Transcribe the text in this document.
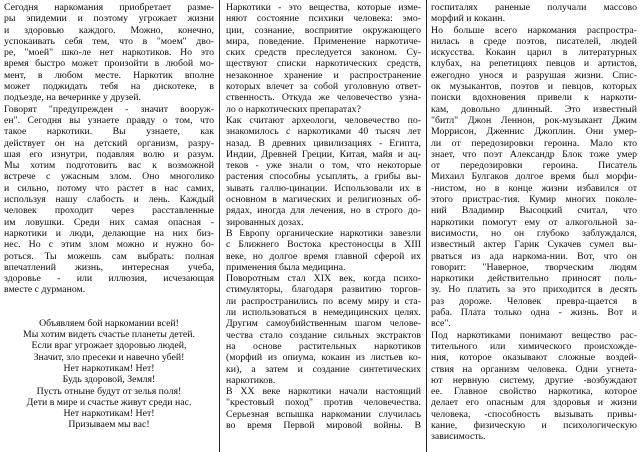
Сегодня наркомания приобретает разме-
ры эпидемии и поэтому угрожает жизни
и здоровью каждого. Можно, конечно,
успокаивать себя тем, что в "моем" дво-
ре, "моей" шко-ле нет наркотиков. Но это
время быстро может произойти в любой мо-
мент, в любом месте. Наркотик вполне
может поджидать тебя на дискотеке, в
подъезде, на вечеринке у друзей.
Говорят "предупрежден - значит вооруж-
ен". Сегодня вы узнаете правду о том, что
такое наркотики. Вы узнаете, как
действует он на детский организм, разру-
шая его изнутри, подавляя волю и разум.
Мы хотим подготовить вас к возможной
встрече с ужасным злом. Оно многолико
и сильно, потому что растет в нас самих,
используя нашу слабость и лень. Каждый
человек проходит через расставленные
им ловушки. Среди них самая опасная -
наркотики и люди, делающие на них биз-
нес. Но с этим злом можно и нужно бо-
роться. Ты можешь сам выбрать: полная
впечатлений жизнь, интересная учеба,
здоровье - или иллюзия, исчезающая
вместе с дурманом.
Объявляем бой наркомании всей!
Мы хотим видеть счастье планеты детей.
Если враг угрожает здоровью людей,
Значит, зло пресеки и навечно убей!
Нет наркотикам! Нет!
Будь здоровой, Земля!
Пусть отныне будут от зелья поля!
Дети в мире и счастье живут среди нас.
Нет наркотикам! Нет!
Призываем мы вас!
Наркотики - это вещества, которые изме-
няют состояние психики человека: эмо-
ции, сознание, восприятие окружающего
мира, поведение. Применение наркотиче-
ских средств преследуется законом. Су-
ществуют списки наркотических средств,
незаконное хранение и распространение
которых влечет за собой уголовную ответ-
ственность. Откуда же человечество узна-
ло о наркотических препаратах?
Как считают археологи, человечество по-
знакомилось с наркотиками 40 тысяч лет
назад. В древних цивилизациях - Египта,
Индии, Древней Греции, Китая, майя и ац-
теков - уже знали о том, что некоторые
растения способны усыплять, а грибы вы-
зывать галлю-цинации. Использовали их в
основном в магических и религиозных об-
рядах, иногда для лечения, но в строго до-
зированных дозах.
В Европу органические наркотики завезли
с Ближнего Востока крестоносцы в XIII
веке, но долгое время главной сферой их
применения была медицина.
Поворотным стал XIX век, когда психо-
стимуляторы, благодаря развитию торгов-
ли распространились по всему миру и ста-
ли использоваться в немедицинских целях.
Другим самоубийственным шагом челове-
чества стало создание сильных экстрактов
на основе растительных наркотиков
(морфий из опиума, кокаин из листьев ко-
ки), а затем и создание синтетических
наркотиков.
В XX веке наркотики начали настоящий
"крестовый поход" против человечества.
Серьезная вспышка наркомании случилась
во время Первой мировой войны. В
госпиталях раненые получали массово
морфий и кокаин.
Но больше всего наркомания распростра-
нилась в среде поэтов, писателей, людей
искусства. Кокаин царил в литературных
клубах, на репетициях певцов и артистов,
ежегодно унося и разрушая жизни. Спис-
ок музыкантов, поэтов и певцов, которых
поиски вдохновения привели к наркоти-
кам, довольно длинный. Это известный
"битл" Джон Леннон, рок-музыкант Джим
Моррисон, Дженнис Джоплин. Они умер-
ли от передозировки героина. Мало кто
знает, что поэт Александр Блок тоже умер
от передозировки героина. Писатель
Михаил Булгаков долгое время был морфи-
-нистом, но в конце жизни избавился от
этого пристрас-тия. Кумир многих поколе-
ний Владимир Высоцкий считал, что
наркотики помогут ему от алкогольной за-
висимости, но он глубоко заблуждался,
известный актер Гарик Сукачев сумел вы-
рваться из ада наркома-нии. Вот, что он
говорит: "Наверное, творческим людям
наркотики действительно приносят поль-
зу. Но платить за это приходится в десять
раз дороже. Человек превра-щается в
раба. Плата только одна - жизнь. Вот и
все".
Под наркотиками понимают вещество рас-
тительного или химического происхожде-
ния, которое оказывают сложные воздей-
ствия на организм человека. Одни угнета-
ют нервную систему, другие -возбуждают
ее. Главное свойство наркотика, которое
делает его опасным для здоровья и жизни
человека, -способность вызывать привы-
кание, физическую и психологическую
зависимость.
